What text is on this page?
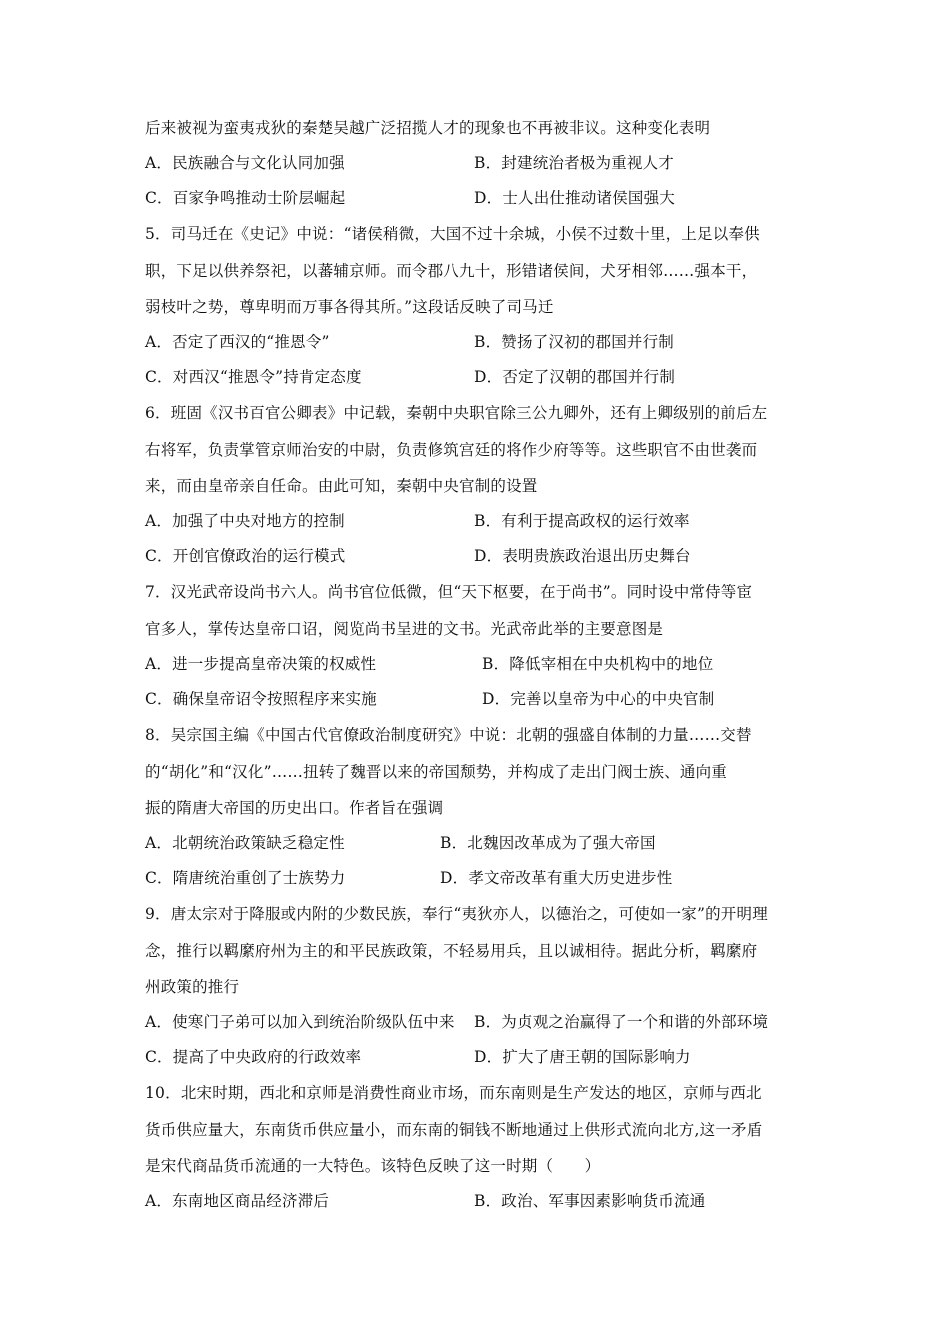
后来被视为蛮夷戎狄的秦楚吴越广泛招揽人才的现象也不再被非议。这种变化表明
A．民族融合与文化认同加强	B．封建统治者极为重视人才
C．百家争鸣推动士阶层崛起	D．士人出仕推动诸侯国强大
5．司马迁在《史记》中说：“诸侯稍微，大国不过十余城，小侯不过数十里，上足以奉供
职，下足以供养祭祀，以蕃辅京师。而令郡八九十，形错诸侯间，犬牙相邻……强本干，
弱枝叶之势，尊卑明而万事各得其所。”这段话反映了司马迁
A．否定了西汉的“推恩令”	B．赞扬了汉初的郡国并行制
C．对西汉“推恩令”持肯定态度	D．否定了汉朝的郡国并行制
6．班固《汉书百官公卿表》中记载，秦朝中央职官除三公九卿外，还有上卿级别的前后左
右将军，负责掌管京师治安的中尉，负责修筑宫廷的将作少府等等。这些职官不由世袭而
来，而由皇帝亲自任命。由此可知，秦朝中央官制的设置
A．加强了中央对地方的控制	B．有利于提高政权的运行效率
C．开创官僚政治的运行模式	D．表明贵族政治退出历史舞台
7．汉光武帝设尚书六人。尚书官位低微，但“天下枢要，在于尚书”。同时设中常侍等宦
官多人，掌传达皇帝口诏，阅览尚书呈进的文书。光武帝此举的主要意图是
A．进一步提高皇帝决策的权威性	B．降低宰相在中央机构中的地位
C．确保皇帝诏令按照程序来实施	D．完善以皇帝为中心的中央官制
8．吴宗国主编《中国古代官僚政治制度研究》中说：北朝的强盛自体制的力量……交替
的“胡化”和“汉化”……扭转了魏晋以来的帝国颓势，并构成了走出门阀士族、通向重
振的隋唐大帝国的历史出口。作者旨在强调
A．北朝统治政策缺乏稳定性	B．北魏因改革成为了强大帝国
C．隋唐统治重创了士族势力	D．孝文帝改革有重大历史进步性
9．唐太宗对于降服或内附的少数民族，奉行“夷狄亦人，以德治之，可使如一家”的开明理
念，推行以羁縻府州为主的和平民族政策，不轻易用兵，且以诚相待。据此分析，羁縻府
州政策的推行
A．使寒门子弟可以加入到统治阶级队伍中来 B．为贞观之治赢得了一个和谐的外部环境
C．提高了中央政府的行政效率	D．扩大了唐王朝的国际影响力
10．北宋时期，西北和京师是消费性商业市场，而东南则是生产发达的地区，京师与西北
货币供应量大，东南货币供应量小，而东南的铜钱不断地通过上供形式流向北方,这一矛盾
是宋代商品货币流通的一大特色。该特色反映了这一时期（　　）
A．东南地区商品经济滞后	B．政治、军事因素影响货币流通
